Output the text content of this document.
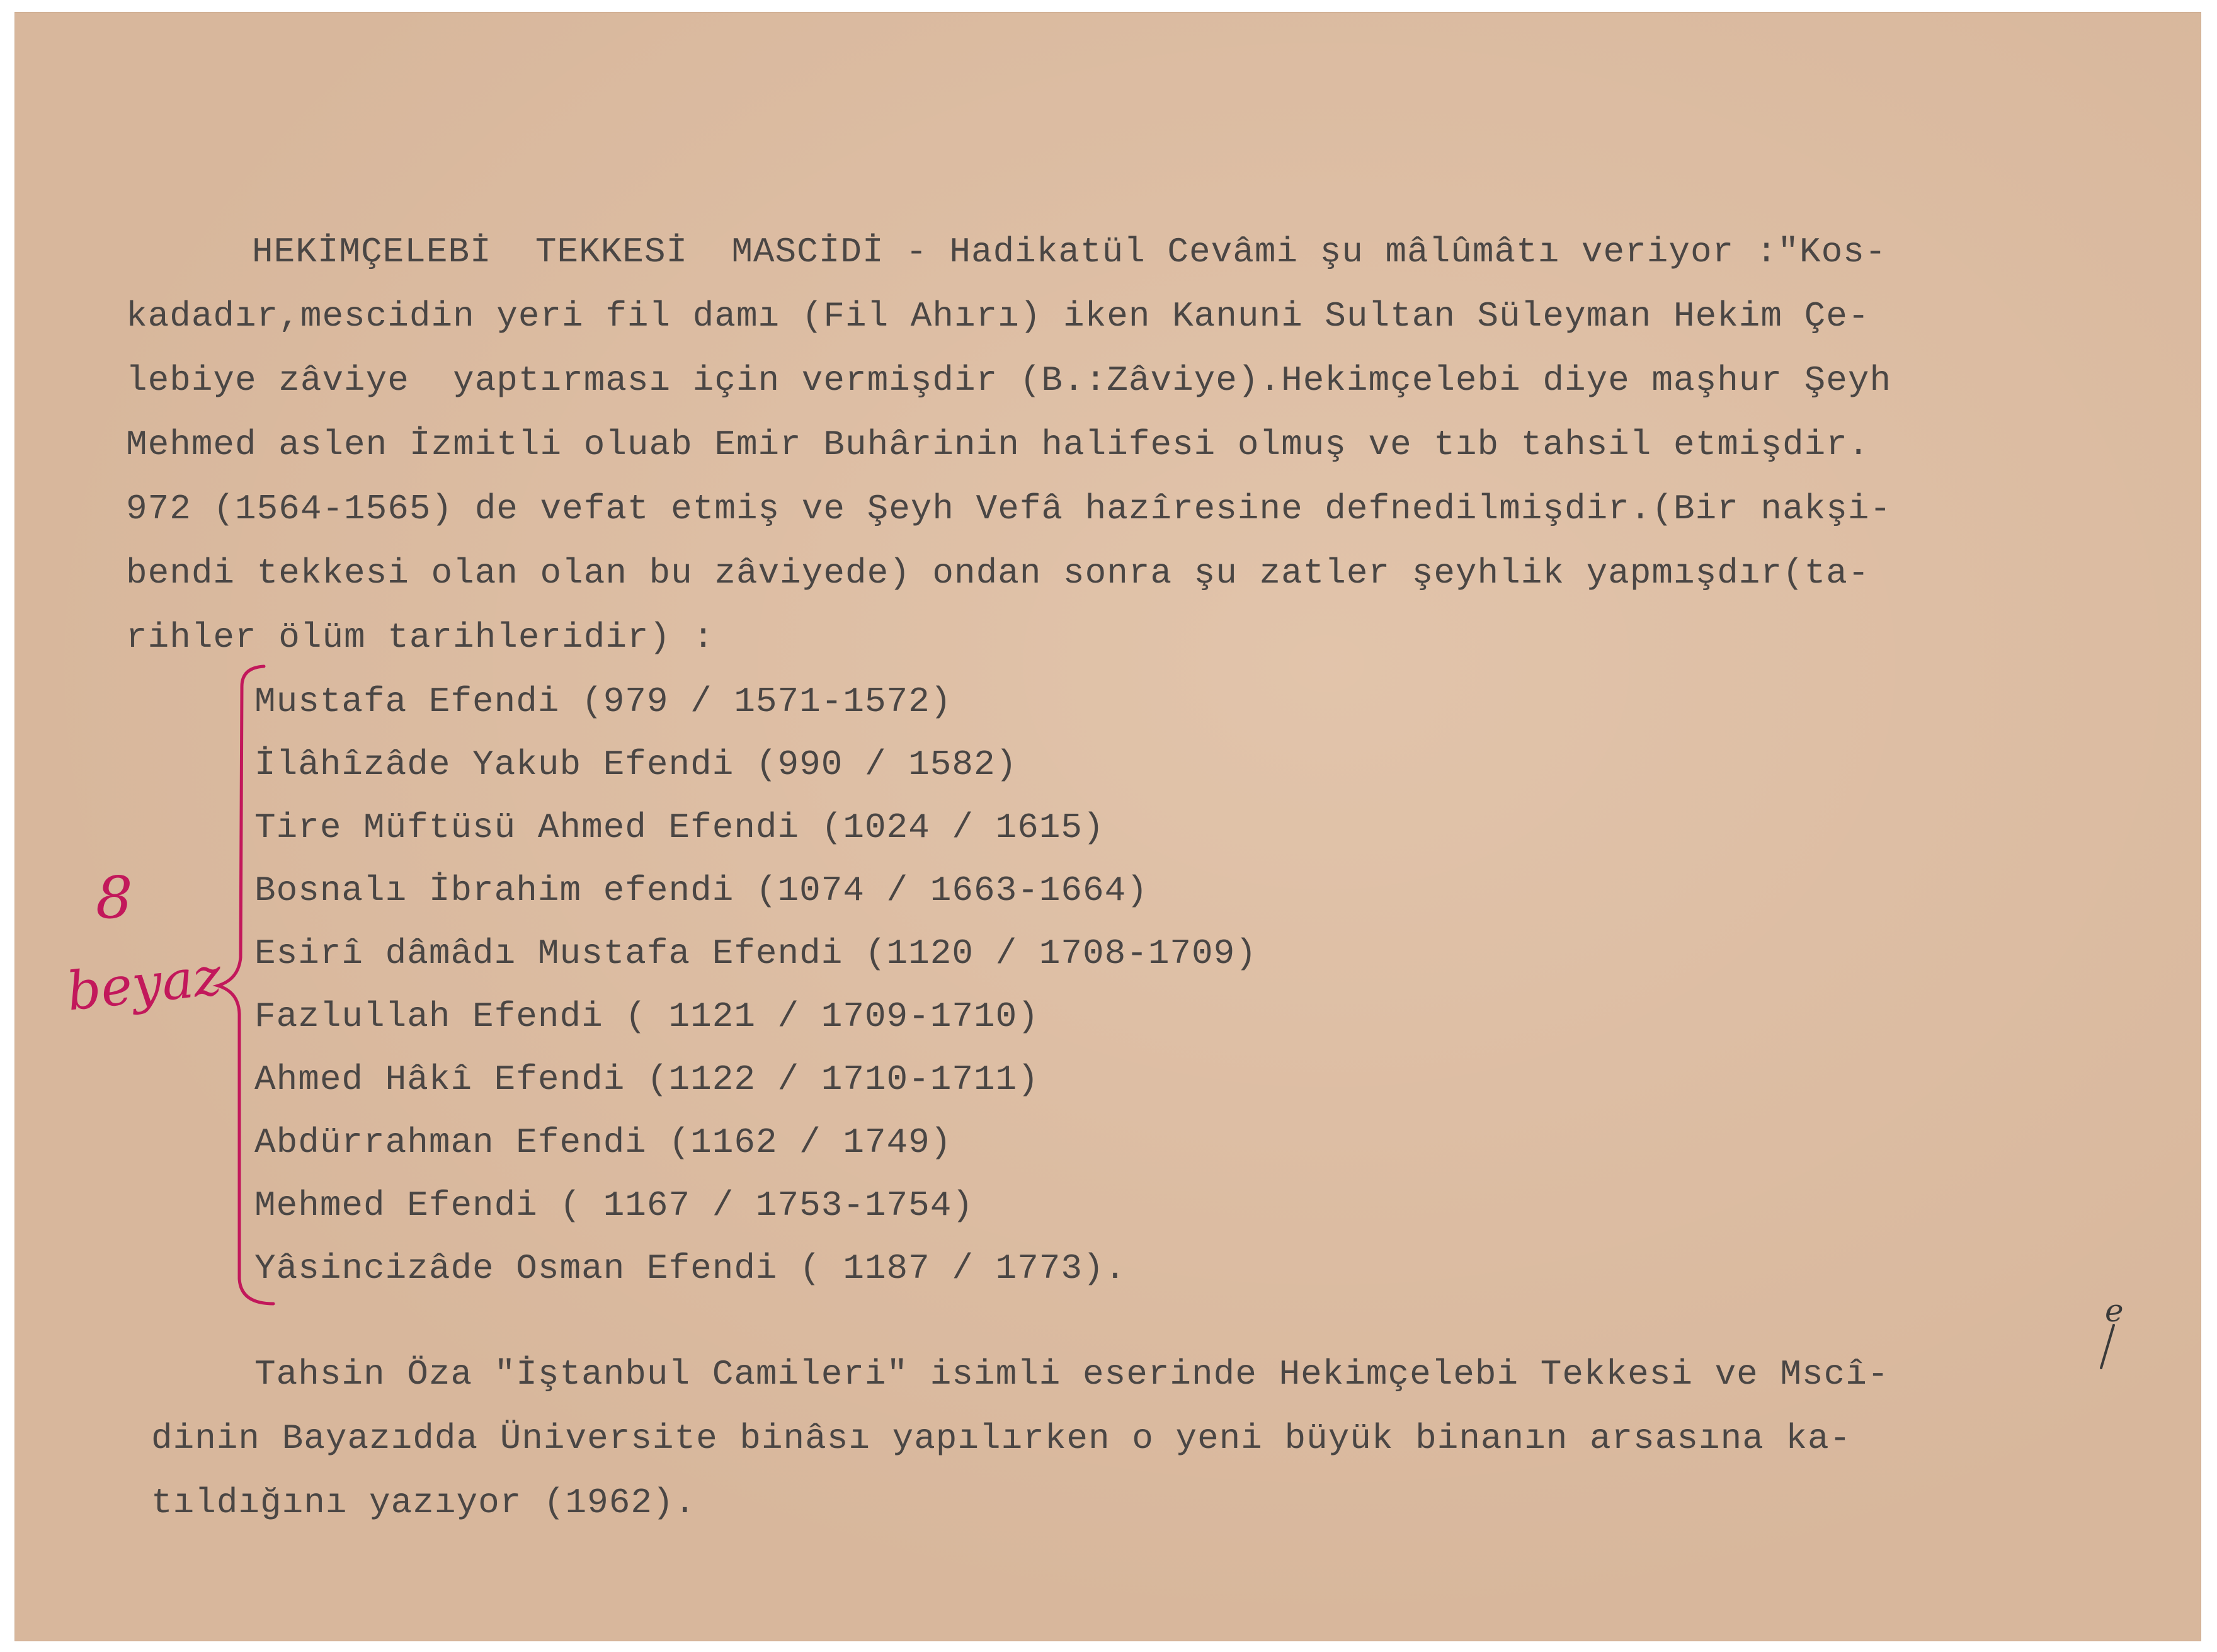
HEKİMÇELEBİ  TEKKESİ  MASCİDİ - Hadikatül Cevâmi şu mâlûmâtı veriyor :"Kos-
kadadır,mescidin yeri fil damı (Fil Ahırı) iken Kanuni Sultan Süleyman Hekim Çe-
lebiye zâviye  yaptırması için vermişdir (B.:Zâviye).Hekimçelebi diye maşhur Şeyh
Mehmed aslen İzmitli oluab Emir Buhârinin halifesi olmuş ve tıb tahsil etmişdir.
972 (1564-1565) de vefat etmiş ve Şeyh Vefâ hazîresine defnedilmişdir.(Bir nakşi-
bendi tekkesi olan olan bu zâviyede) ondan sonra şu zatler şeyhlik yapmışdır(ta-
rihler ölüm tarihleridir) :
Mustafa Efendi (979 / 1571-1572)
İlâhîzâde Yakub Efendi (990 / 1582)
Tire Müftüsü Ahmed Efendi (1024 / 1615)
Bosnalı İbrahim efendi (1074 / 1663-1664)
Esirî dâmâdı Mustafa Efendi (1120 / 1708-1709)
Fazlullah Efendi ( 1121 / 1709-1710)
Ahmed Hâkî Efendi (1122 / 1710-1711)
Abdürrahman Efendi (1162 / 1749)
Mehmed Efendi ( 1167 / 1753-1754)
Yâsincizâde Osman Efendi ( 1187 / 1773).
Tahsin Öza "İştanbul Camileri" isimli eserinde Hekimçelebi Tekkesi ve Mscî-
dinin Bayazıdda Üniversite binâsı yapılırken o yeni büyük binanın arsasına ka-
tıldığını yazıyor (1962).
8
beyaz
e
